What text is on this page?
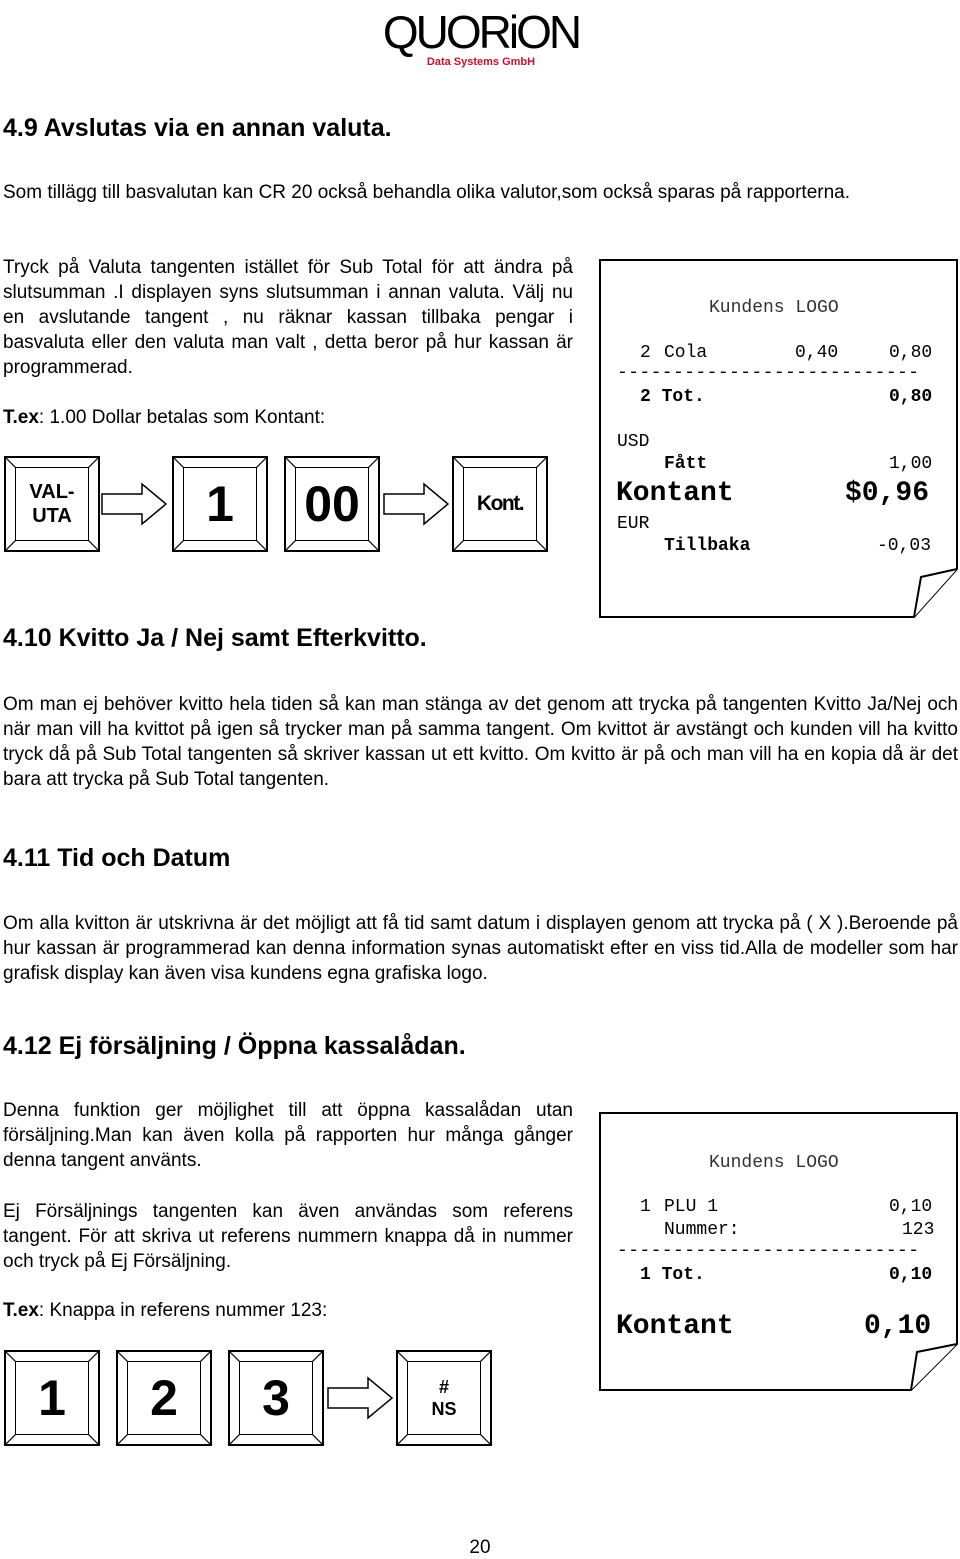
QUORiON
Data Systems GmbH
4.9 Avslutas via en annan valuta.

Som tillägg till basvalutan kan CR 20 också behandla olika valutor,som också sparas på rapporterna.

Tryck på Valuta tangenten istället för Sub Total för att ändra på slutsumman .I displayen syns slutsumman i annan valuta. Välj nu en avslutande tangent , nu räknar kassan tillbaka pengar i basvaluta eller den valuta man valt , detta beror på hur kassan är programmerad.

T.ex: 1.00 Dollar betalas som Kontant:

VAL-
UTA	1	00	Kont.
Kundens LOGO
2 Cola	0,40	0,80
---------------------------
2 Tot.	0,80
USD
Fått	1,00
Kontant	$0,96
EUR
Tillbaka	-0,03
4.10 Kvitto Ja / Nej samt Efterkvitto.

Om man ej behöver kvitto hela tiden så kan man stänga av det genom att trycka på tangenten Kvitto Ja/Nej och när man vill ha kvittot på igen så trycker man på samma tangent. Om kvittot är avstängt och kunden vill ha kvitto tryck då på Sub Total tangenten så skriver kassan ut ett kvitto. Om kvitto är på och man vill ha en kopia då är det bara att trycka på Sub Total tangenten.

4.11 Tid och Datum

Om alla kvitton är utskrivna är det möjligt att få tid samt datum i displayen genom att trycka på ( X ).Beroende på hur kassan är programmerad kan denna information synas automatiskt efter en viss tid.Alla de modeller som har grafisk display kan även visa kundens egna grafiska logo.

4.12 Ej försäljning / Öppna kassalådan.

Denna funktion ger möjlighet till att öppna kassalådan utan försäljning.Man kan även kolla på rapporten hur många gånger denna tangent använts.

Ej Försäljnings tangenten kan även användas som referens tangent. För att skriva ut referens nummern knappa då in nummer och tryck på Ej Försäljning.

T.ex: Knappa in referens nummer 123:

1	2	3	#
NS
Kundens LOGO
1 PLU 1	0,10
Nummer:	123
---------------------------
1 Tot.	0,10
Kontant	0,10
20
